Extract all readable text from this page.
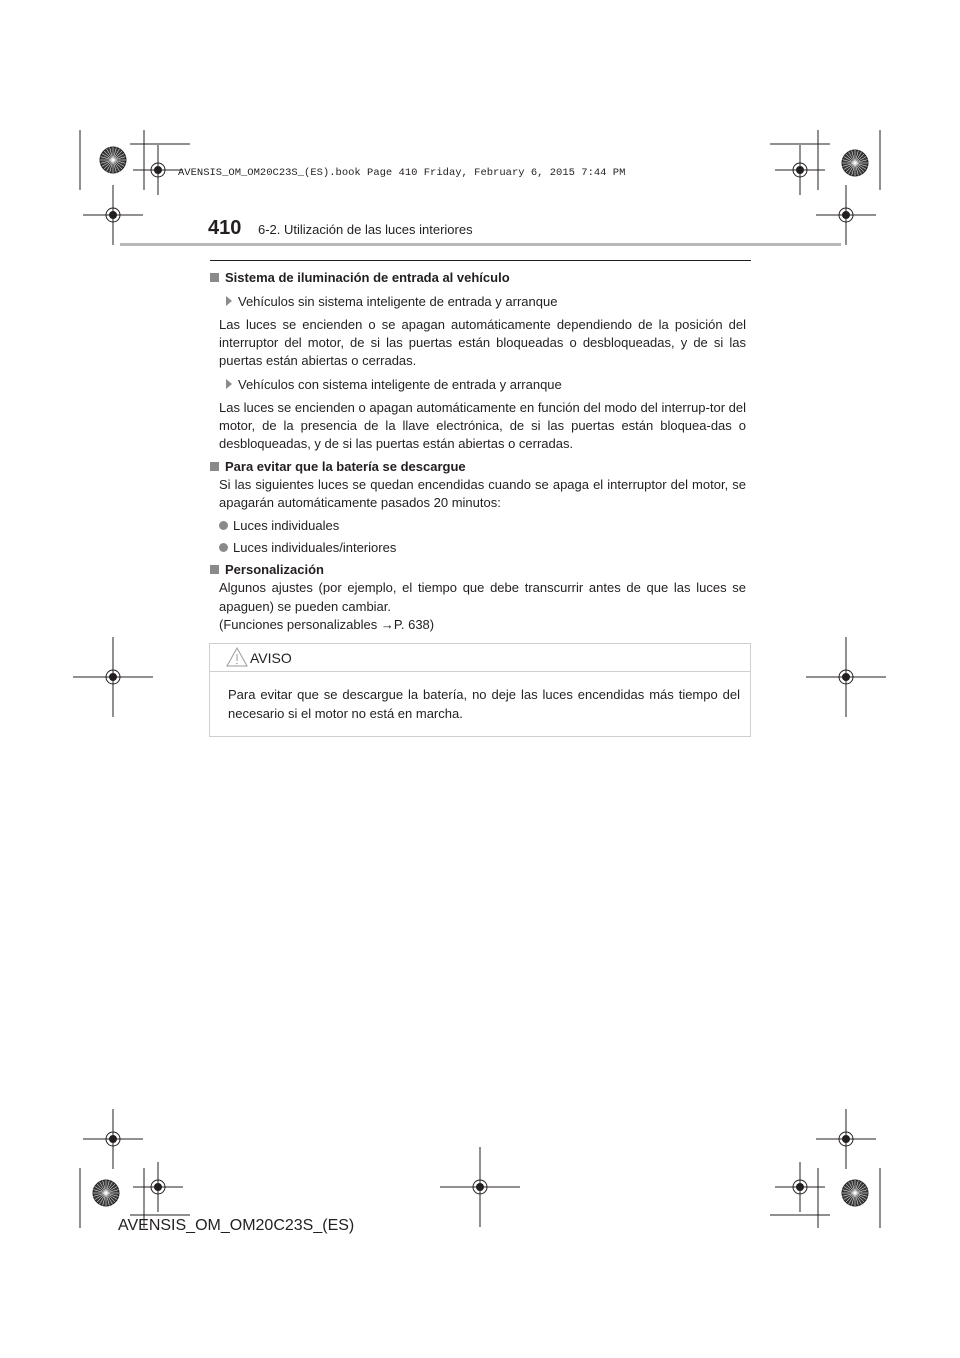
AVENSIS_OM_OM20C23S_(ES).book Page 410 Friday, February 6, 2015 7:44 PM
410 6-2. Utilización de las luces interiores
Sistema de iluminación de entrada al vehículo
Vehículos sin sistema inteligente de entrada y arranque
Las luces se encienden o se apagan automáticamente dependiendo de la posición del interruptor del motor, de si las puertas están bloqueadas o desbloqueadas, y de si las puertas están abiertas o cerradas.
Vehículos con sistema inteligente de entrada y arranque
Las luces se encienden o apagan automáticamente en función del modo del interrup-tor del motor, de la presencia de la llave electrónica, de si las puertas están bloquea-das o desbloqueadas, y de si las puertas están abiertas o cerradas.
Para evitar que la batería se descargue
Si las siguientes luces se quedan encendidas cuando se apaga el interruptor del motor, se apagarán automáticamente pasados 20 minutos:
Luces individuales
Luces individuales/interiores
Personalización
Algunos ajustes (por ejemplo, el tiempo que debe transcurrir antes de que las luces se apaguen) se pueden cambiar.
(Funciones personalizables →P. 638)
AVISO
Para evitar que se descargue la batería, no deje las luces encendidas más tiempo del necesario si el motor no está en marcha.
AVENSIS_OM_OM20C23S_(ES)
